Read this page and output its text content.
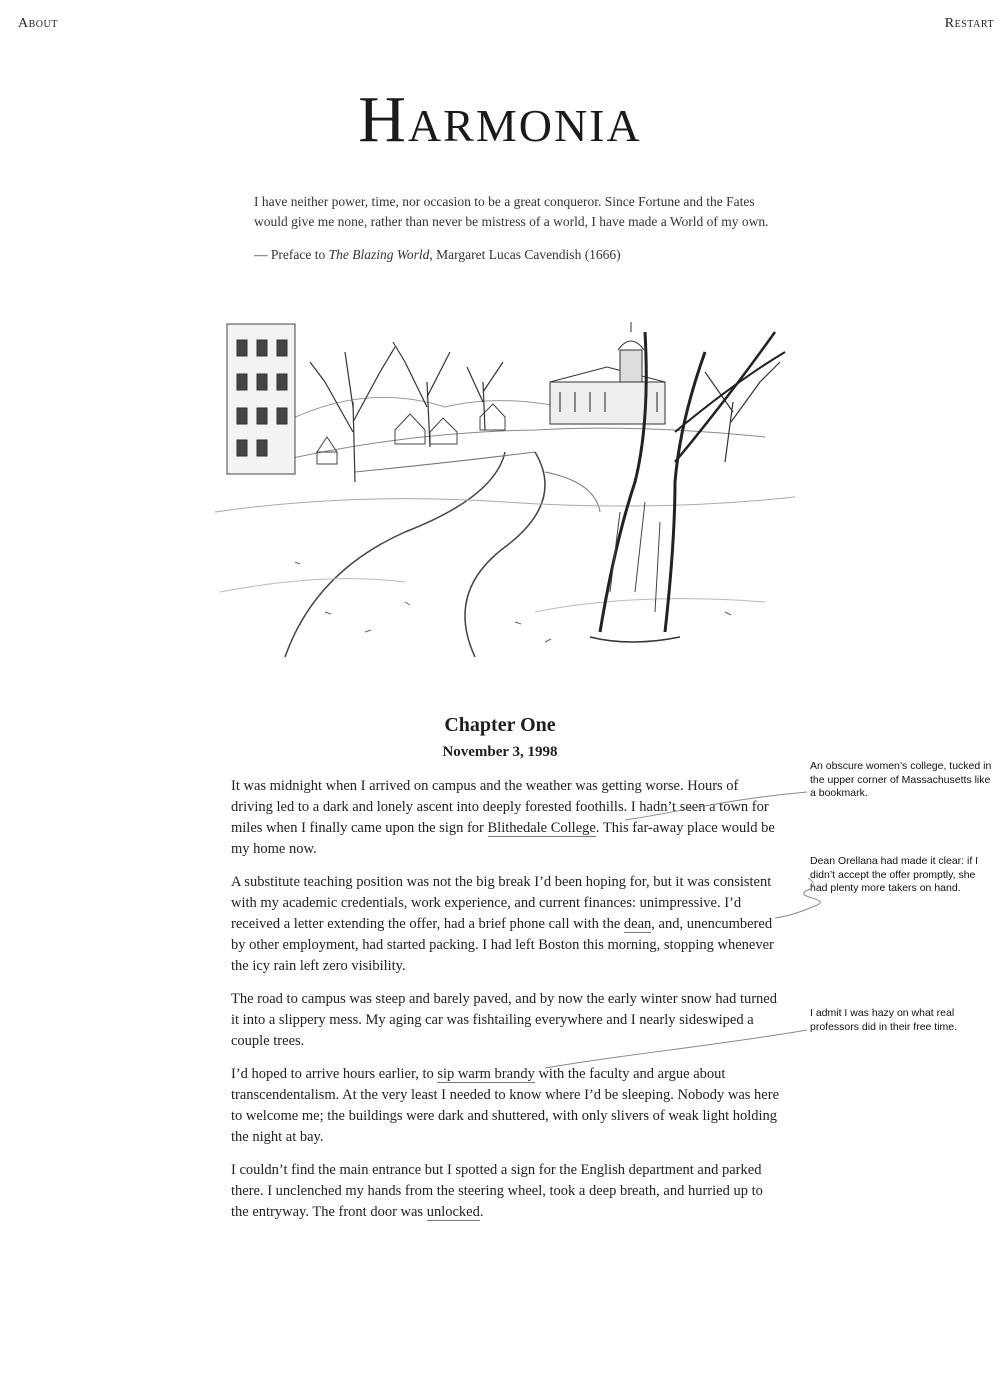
About	Restart
Harmonia

I have neither power, time, nor occasion to be a great conqueror. Since Fortune and the Fates would give me none, rather than never be mistress of a world, I have made a World of my own.

— Preface to The Blazing World, Margaret Lucas Cavendish (1666)

Chapter One
November 3, 1998

It was midnight when I arrived on campus and the weather was getting worse. Hours of driving led to a dark and lonely ascent into deeply forested foothills. I hadn’t seen a town for miles when I finally came upon the sign for Blithedale College. This far-away place would be my home now.

A substitute teaching position was not the big break I’d been hoping for, but it was consistent with my academic credentials, work experience, and current finances: unimpressive. I’d received a letter extending the offer, had a brief phone call with the dean, and, unencumbered by other employment, had started packing. I had left Boston this morning, stopping whenever the icy rain left zero visibility.

The road to campus was steep and barely paved, and by now the early winter snow had turned it into a slippery mess. My aging car was fishtailing everywhere and I nearly sideswiped a couple trees.

I’d hoped to arrive hours earlier, to sip warm brandy with the faculty and argue about transcendentalism. At the very least I needed to know where I’d be sleeping. Nobody was here to welcome me; the buildings were dark and shuttered, with only slivers of weak light holding the night at bay.

I couldn’t find the main entrance but I spotted a sign for the English department and parked there. I unclenched my hands from the steering wheel, took a deep breath, and hurried up to the entryway. The front door was unlocked.

An obscure women’s college, tucked in the upper corner of Massachusetts like a bookmark.
Dean Orellana had made it clear: if I didn’t accept the offer promptly, she had plenty more takers on hand.
I admit I was hazy on what real professors did in their free time.
